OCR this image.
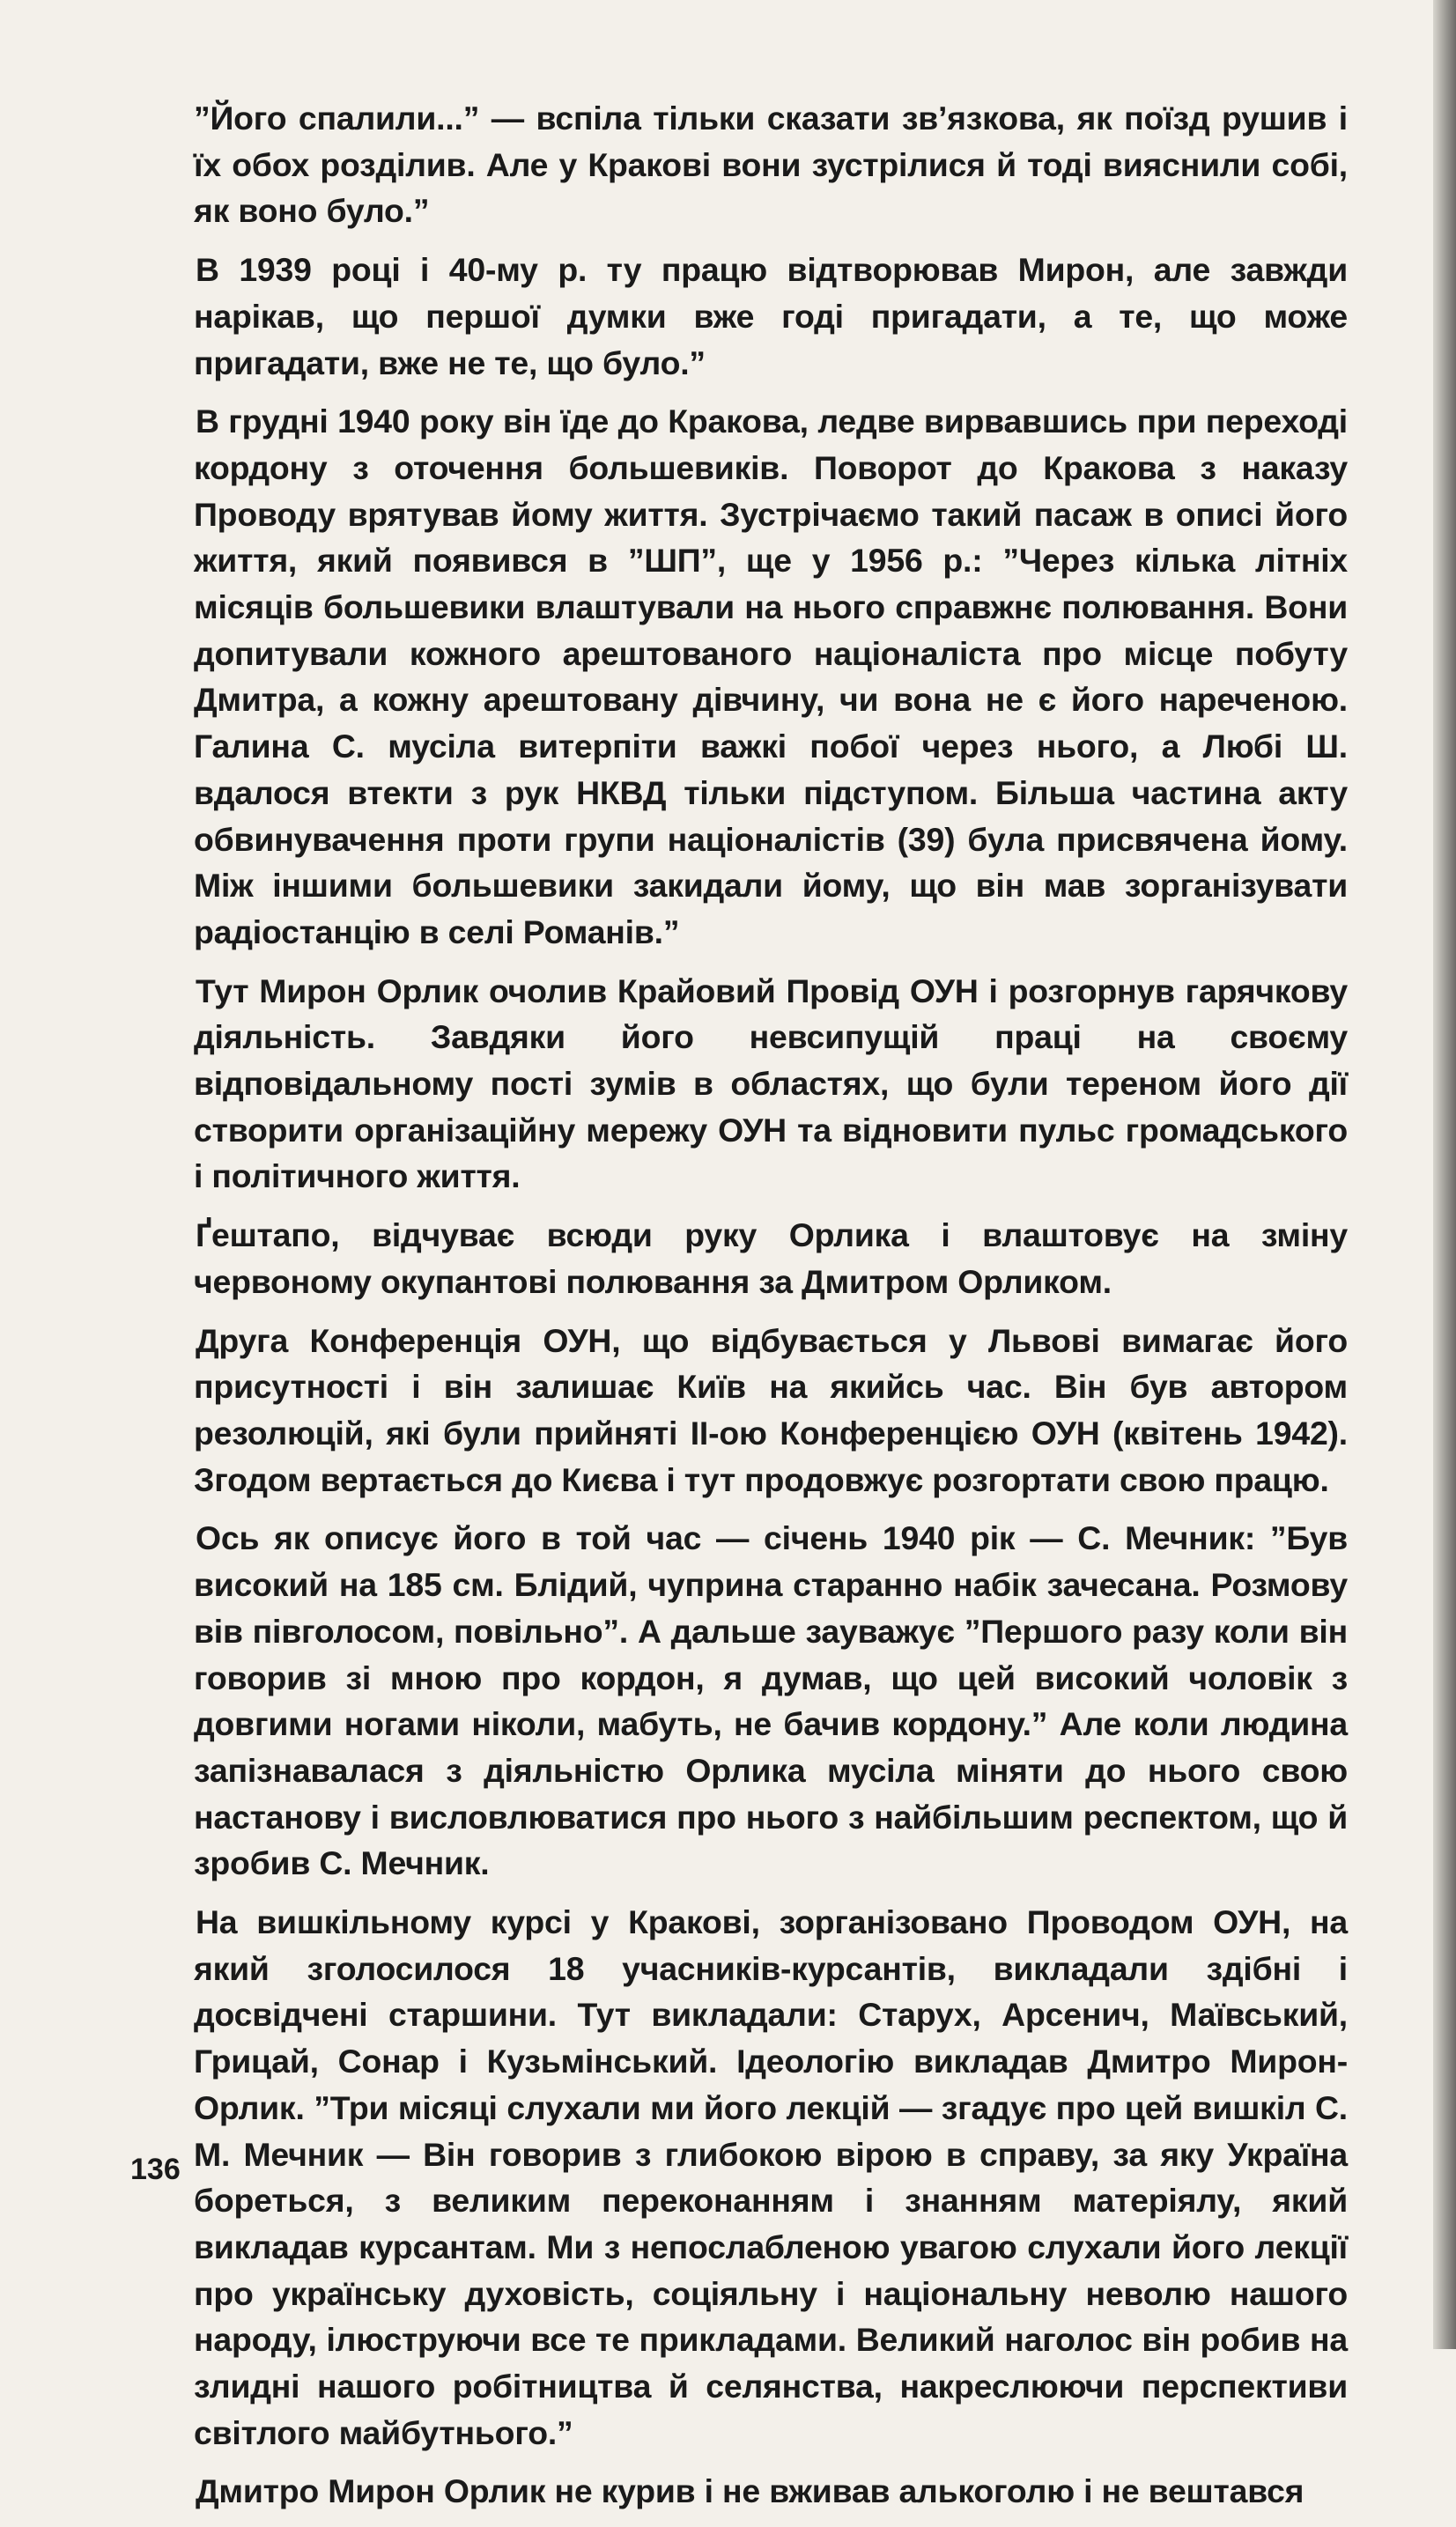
”Його спалили...” — вспіла тільки сказати зв’язкова, як поїзд рушив і їх обох розділив. Але у Кракові вони зустрілися й тоді вияснили собі, як воно було.”

В 1939 році і 40-му р. ту працю відтворював Мирон, але завжди нарікав, що першої думки вже годі пригадати, а те, що може пригадати, вже не те, що було.”

В грудні 1940 року він їде до Кракова, ледве вирвавшись при переході кордону з оточення большевиків. Поворот до Кракова з наказу Проводу врятував йому життя. Зустрічаємо такий пасаж в описі його життя, який появився в ”ШП”, ще у 1956 р.: ”Через кілька літніх місяців большевики влаштували на нього справжнє полювання. Вони допитували кожного арештованого націоналіста про місце побуту Дмитра, а кожну арештовану дівчину, чи вона не є його нареченою. Галина С. мусіла витерпіти важкі побої через нього, а Любі Ш. вдалося втекти з рук НКВД тільки підступом. Більша частина акту обвинувачення проти групи націоналістів (39) була присвячена йому. Між іншими большевики закидали йому, що він мав зорганізувати радіостанцію в селі Романів.”

Тут Мирон Орлик очолив Крайовий Провід ОУН і розгорнув гарячкову діяльність. Завдяки його невсипущій праці на своєму відповідальному пості зумів в областях, що були тереном його дії створити організаційну мережу ОУН та відновити пульс громадського і політичного життя.

Ґештапо, відчуває всюди руку Орлика і влаштовує на зміну червоному окупантові полювання за Дмитром Орликом.

Друга Конференція ОУН, що відбувається у Львові вимагає його присутності і він залишає Київ на якийсь час. Він був автором резолюцій, які були прийняті ІІ-ою Конференцією ОУН (квітень 1942). Згодом вертається до Києва і тут продовжує розгортати свою працю.

Ось як описує його в той час — січень 1940 рік — С. Мечник: ”Був високий на 185 см. Блідий, чуприна старанно набік зачесана. Розмову вів півголосом, повільно”. А дальше зауважує ”Першого разу коли він говорив зі мною про кордон, я думав, що цей високий чоловік з довгими ногами ніколи, мабуть, не бачив кордону.” Але коли людина запізнавалася з діяльністю Орлика мусіла міняти до нього свою настанову і висловлюватися про нього з найбільшим респектом, що й зробив С. Мечник.

На вишкільному курсі у Кракові, зорганізовано Проводом ОУН, на який зголосилося 18 учасників-курсантів, викладали здібні і досвідчені старшини. Тут викладали: Старух, Арсенич, Маївський, Грицай, Сонар і Кузьмінський. Ідеологію викладав Дмитро Мирон-Орлик. ”Три місяці слухали ми його лекцій — згадує про цей вишкіл С. М. Мечник — Він говорив з глибокою вірою в справу, за яку Україна бореться, з великим переконанням і знанням матеріялу, який викладав курсантам. Ми з непослабленою увагою слухали його лекції про українську духовість, соціяльну і національну неволю нашого народу, ілюструючи все те прикладами. Великий наголос він робив на злидні нашого робітництва й селянства, накреслюючи перспективи світлого майбутнього.”

Дмитро Мирон Орлик не курив і не вживав алькоголю і не вештався

136
